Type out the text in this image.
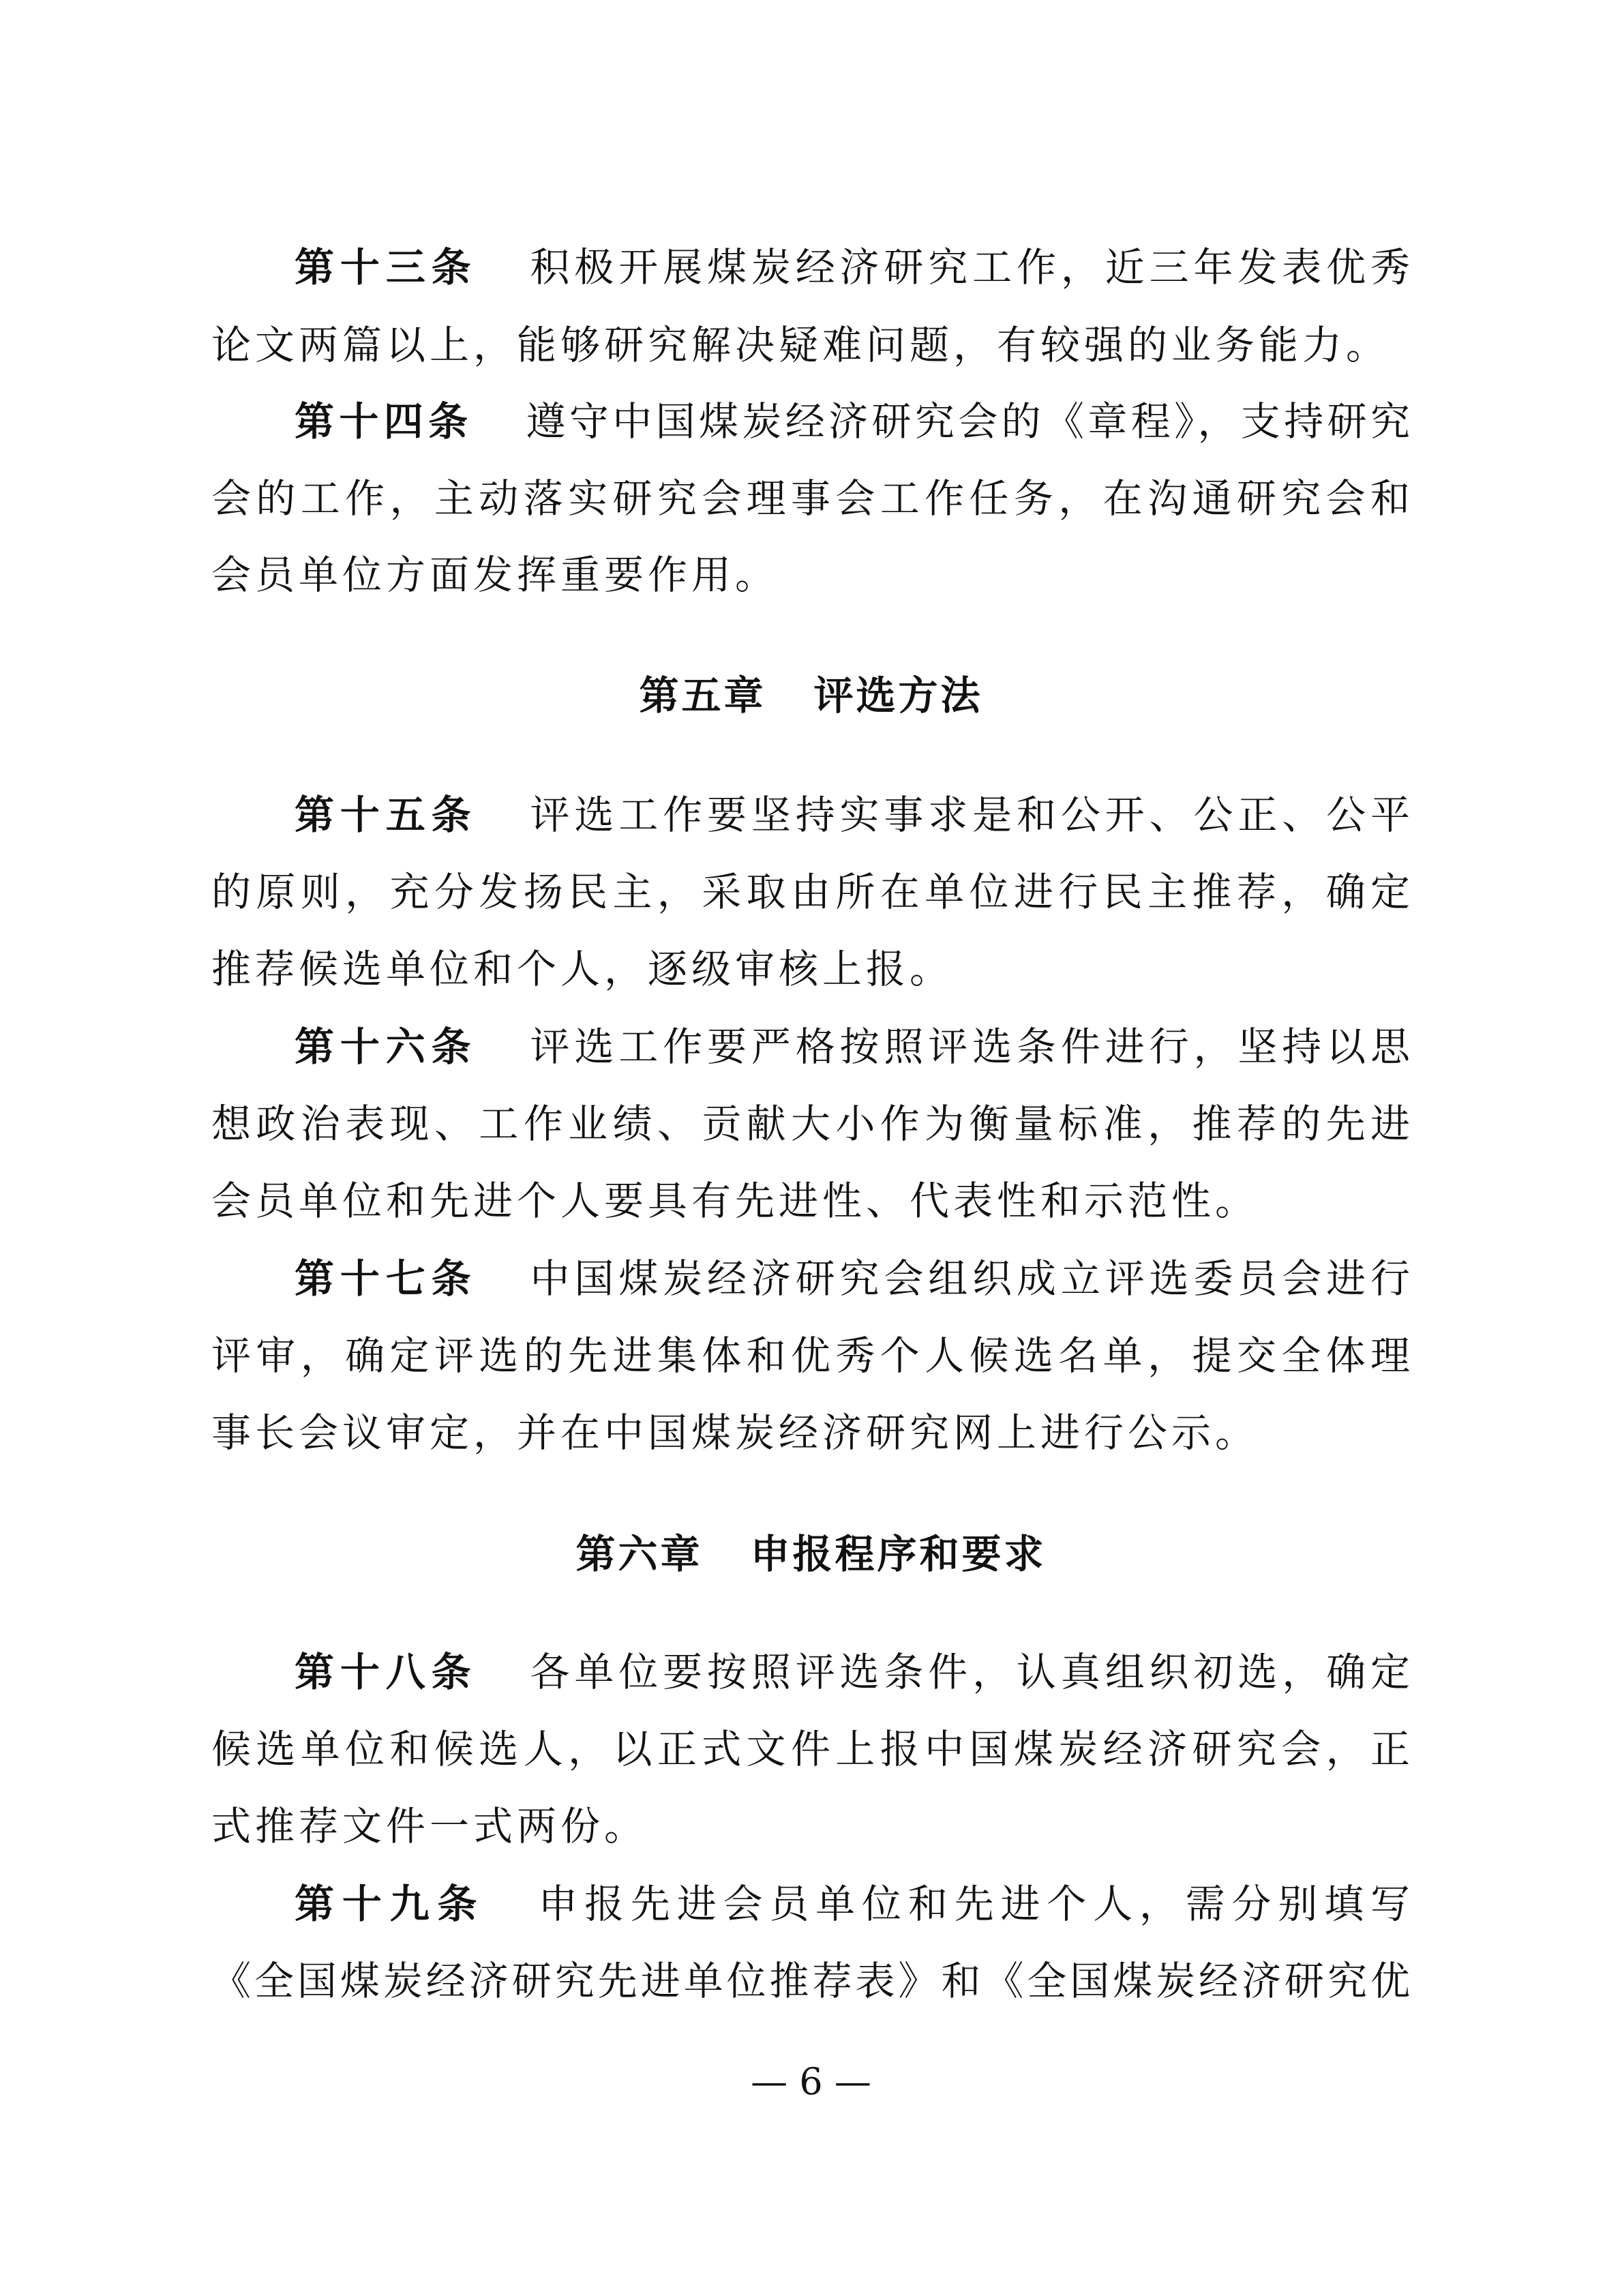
第十三条 积极开展煤炭经济研究工作，近三年发表优秀
论文两篇以上，能够研究解决疑难问题，有较强的业务能力。
第十四条 遵守中国煤炭经济研究会的《章程》，支持研究
会的工作，主动落实研究会理事会工作任务，在沟通研究会和
会员单位方面发挥重要作用。
第五章 评选方法
第十五条 评选工作要坚持实事求是和公开、公正、公平
的原则，充分发扬民主，采取由所在单位进行民主推荐，确定
推荐候选单位和个人，逐级审核上报。
第十六条 评选工作要严格按照评选条件进行，坚持以思
想政治表现、工作业绩、贡献大小作为衡量标准，推荐的先进
会员单位和先进个人要具有先进性、代表性和示范性。
第十七条 中国煤炭经济研究会组织成立评选委员会进行
评审，确定评选的先进集体和优秀个人候选名单，提交全体理
事长会议审定，并在中国煤炭经济研究网上进行公示。
第六章 申报程序和要求
第十八条 各单位要按照评选条件，认真组织初选，确定
候选单位和候选人，以正式文件上报中国煤炭经济研究会，正
式推荐文件一式两份。
第十九条 申报先进会员单位和先进个人，需分别填写
《全国煤炭经济研究先进单位推荐表》和《全国煤炭经济研究优
— 6 —
